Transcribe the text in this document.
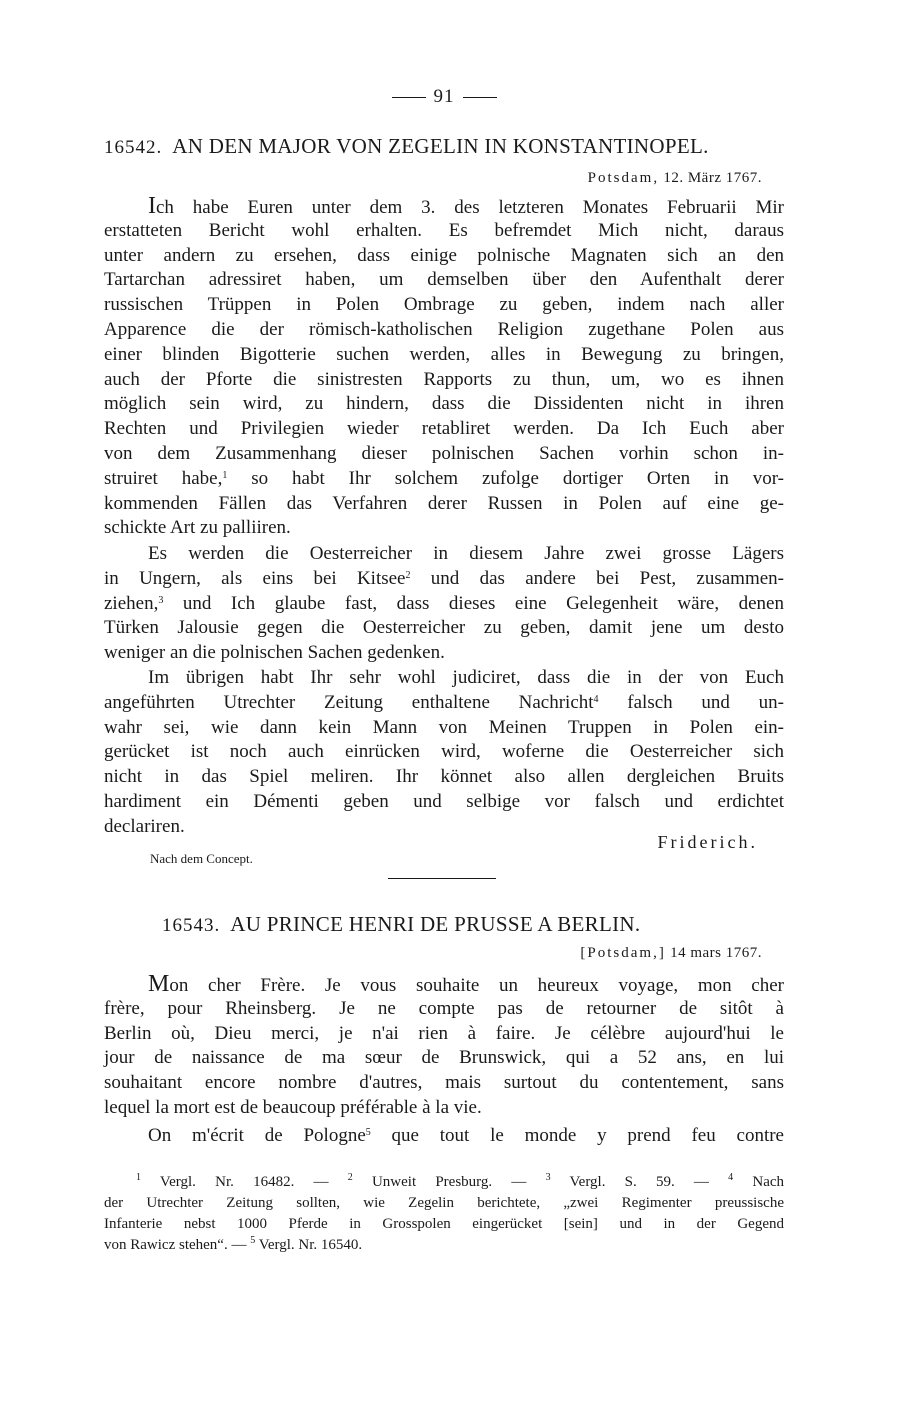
91
16542. AN DEN MAJOR VON ZEGELIN IN KONSTANTINOPEL.
Potsdam, 12. März 1767.
Ich habe Euren unter dem 3. des letzteren Monates Februarii Mir
erstatteten Bericht wohl erhalten. Es befremdet Mich nicht, daraus
unter andern zu ersehen, dass einige polnische Magnaten sich an den
Tartarchan adressiret haben, um demselben über den Aufenthalt derer
russischen Trüppen in Polen Ombrage zu geben, indem nach aller
Apparence die der römisch-katholischen Religion zugethane Polen aus
einer blinden Bigotterie suchen werden, alles in Bewegung zu bringen,
auch der Pforte die sinistresten Rapports zu thun, um, wo es ihnen
möglich sein wird, zu hindern, dass die Dissidenten nicht in ihren
Rechten und Privilegien wieder retabliret werden. Da Ich Euch aber
von dem Zusammenhang dieser polnischen Sachen vorhin schon in-
struiret habe,$^1$ so habt Ihr solchem zufolge dortiger Orten in vor-
kommenden Fällen das Verfahren derer Russen in Polen auf eine ge-
schickte Art zu palliiren.
Es werden die Oesterreicher in diesem Jahre zwei grosse Lägers
in Ungern, als eins bei Kitsee$^2$ und das andere bei Pest, zusammen-
ziehen,$^3$ und Ich glaube fast, dass dieses eine Gelegenheit wäre, denen
Türken Jalousie gegen die Oesterreicher zu geben, damit jene um desto
weniger an die polnischen Sachen gedenken.
Im übrigen habt Ihr sehr wohl judiciret, dass die in der von Euch
angeführten Utrechter Zeitung enthaltene Nachricht$^4$ falsch und un-
wahr sei, wie dann kein Mann von Meinen Truppen in Polen ein-
gerücket ist noch auch einrücken wird, woferne die Oesterreicher sich
nicht in das Spiel meliren. Ihr könnet also allen dergleichen Bruits
hardiment ein Démenti geben und selbige vor falsch und erdichtet
declariren.
Friderich.
Nach dem Concept.
16543. AU PRINCE HENRI DE PRUSSE A BERLIN.
[Potsdam,] 14 mars 1767.
Mon cher Frère. Je vous souhaite un heureux voyage, mon cher
frère, pour Rheinsberg. Je ne compte pas de retourner de sitôt à
Berlin où, Dieu merci, je n'ai rien à faire. Je célèbre aujourd'hui le
jour de naissance de ma sœur de Brunswick, qui a 52 ans, en lui
souhaitant encore nombre d'autres, mais surtout du contentement, sans
lequel la mort est de beaucoup préférable à la vie.
On m'écrit de Pologne$^5$ que tout le monde y prend feu contre
$^1$ Vergl. Nr. 16482. — $^2$ Unweit Presburg. — $^3$ Vergl. S. 59. — $^4$ Nach
der Utrechter Zeitung sollten, wie Zegelin berichtete, „zwei Regimenter preussische
Infanterie nebst 1000 Pferde in Grosspolen eingerücket [sein] und in der Gegend
von Rawicz stehen“. — $^5$ Vergl. Nr. 16540.
